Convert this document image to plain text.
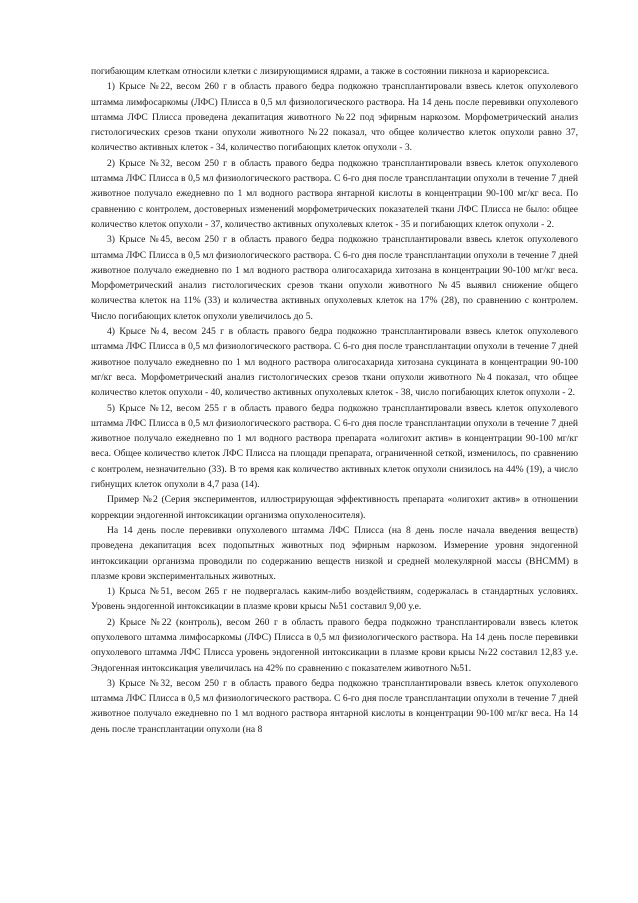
погибающим клеткам относили клетки с лизирующимися ядрами, а также в состоянии пикноза и кариорексиса.

1) Крысе №22, весом 260 г в область правого бедра подкожно трансплантировали взвесь клеток опухолевого штамма лимфосаркомы (ЛФС) Плисса в 0,5 мл физиологического раствора. На 14 день после перевивки опухолевого штамма ЛФС Плисса проведена декапитация животного №22 под эфирным наркозом. Морфометрический анализ гистологических срезов ткани опухоли животного №22 показал, что общее количество клеток опухоли равно 37, количество активных клеток - 34, количество погибающих клеток опухоли - 3.

2) Крысе №32, весом 250 г в область правого бедра подкожно трансплантировали взвесь клеток опухолевого штамма ЛФС Плисса в 0,5 мл физиологического раствора. С 6-го дня после трансплантации опухоли в течение 7 дней животное получало ежедневно по 1 мл водного раствора янтарной кислоты в концентрации 90-100 мг/кг веса. По сравнению с контролем, достоверных изменений морфометрических показателей ткани ЛФС Плисса не было: общее количество клеток опухоли - 37, количество активных опухолевых клеток - 35 и погибающих клеток опухоли - 2.

3) Крысе №45, весом 250 г в область правого бедра подкожно трансплантировали взвесь клеток опухолевого штамма ЛФС Плисса в 0,5 мл физиологического раствора. С 6-го дня после трансплантации опухоли в течение 7 дней животное получало ежедневно по 1 мл водного раствора олигосахарида хитозана в концентрации 90-100 мг/кг веса. Морфометрический анализ гистологических срезов ткани опухоли животного №45 выявил снижение общего количества клеток на 11% (33) и количества активных опухолевых клеток на 17% (28), по сравнению с контролем. Число погибающих клеток опухоли увеличилось до 5.

4) Крысе №4, весом 245 г в область правого бедра подкожно трансплантировали взвесь клеток опухолевого штамма ЛФС Плисса в 0,5 мл физиологического раствора. С 6-го дня после трансплантации опухоли в течение 7 дней животное получало ежедневно по 1 мл водного раствора олигосахарида хитозана сукцината в концентрации 90-100 мг/кг веса. Морфометрический анализ гистологических срезов ткани опухоли животного №4 показал, что общее количество клеток опухоли - 40, количество активных опухолевых клеток - 38, число погибающих клеток опухоли - 2.

5) Крысе №12, весом 255 г в область правого бедра подкожно трансплантировали взвесь клеток опухолевого штамма ЛФС Плисса в 0,5 мл физиологического раствора. С 6-го дня после трансплантации опухоли в течение 7 дней животное получало ежедневно по 1 мл водного раствора препарата «олигохит актив» в концентрации 90-100 мг/кг веса. Общее количество клеток ЛФС Плисса на площади препарата, ограниченной сеткой, изменилось, по сравнению с контролем, незначительно (33). В то время как количество активных клеток опухоли снизилось на 44% (19), а число гибнущих клеток опухоли в 4,7 раза (14).

Пример №2 (Серия экспериментов, иллюстрирующая эффективность препарата «олигохит актив» в отношении коррекции эндогенной интоксикации организма опухоленосителя).

На 14 день после перевивки опухолевого штамма ЛФС Плисса (на 8 день после начала введения веществ) проведена декапитация всех подопытных животных под эфирным наркозом. Измерение уровня эндогенной интоксикации организма проводили по содержанию веществ низкой и средней молекулярной массы (ВНСММ) в плазме крови экспериментальных животных.

1) Крыса №51, весом 265 г не подвергалась каким-либо воздействиям, содержалась в стандартных условиях. Уровень эндогенной интоксикации в плазме крови крысы №51 составил 9,00 у.е.

2) Крысе №22 (контроль), весом 260 г в область правого бедра подкожно трансплантировали взвесь клеток опухолевого штамма лимфосаркомы (ЛФС) Плисса в 0,5 мл физиологического раствора. На 14 день после перевивки опухолевого штамма ЛФС Плисса уровень эндогенной интоксикации в плазме крови крысы №22 составил 12,83 у.е. Эндогенная интоксикация увеличилась на 42% по сравнению с показателем животного №51.

3) Крысе №32, весом 250 г в область правого бедра подкожно трансплантировали взвесь клеток опухолевого штамма ЛФС Плисса в 0,5 мл физиологического раствора. С 6-го дня после трансплантации опухоли в течение 7 дней животное получало ежедневно по 1 мл водного раствора янтарной кислоты в концентрации 90-100 мг/кг веса. На 14 день после трансплантации опухоли (на 8
